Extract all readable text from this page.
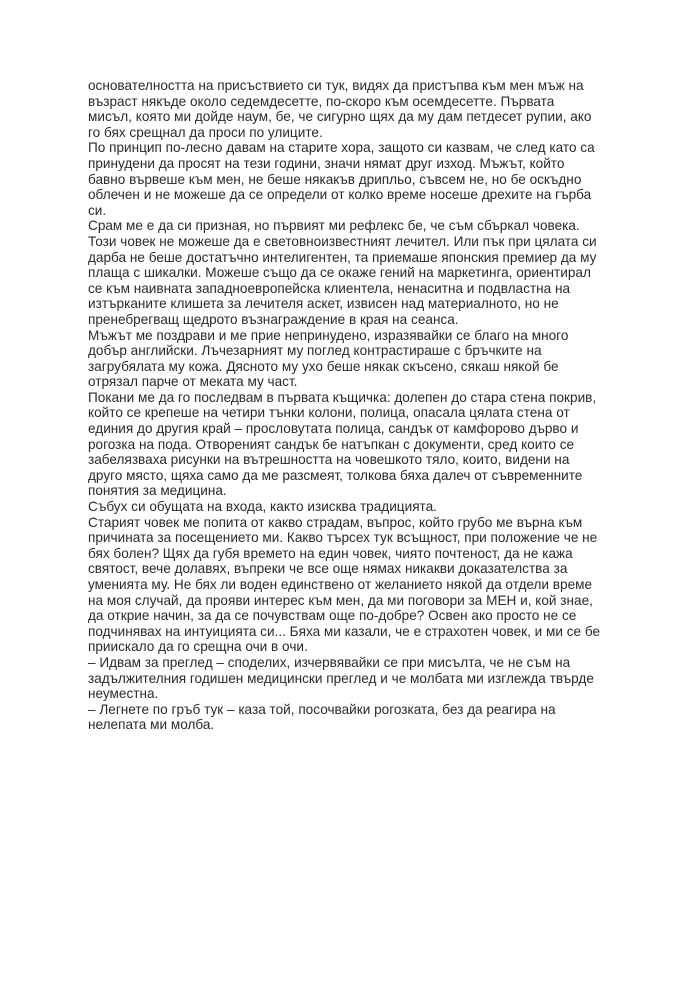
основателността на присъствието си тук, видях да пристъпва към мен мъж на
възраст някъде около седемдесетте, по-скоро към осемдесетте. Първата
мисъл, която ми дойде наум, бе, че сигурно щях да му дам петдесет рупии, ако
го бях срещнал да проси по улиците.
По принцип по-лесно давам на старите хора, защото си казвам, че след като са
принудени да просят на тези години, значи нямат друг изход. Мъжът, който
бавно вървеше към мен, не беше някакъв дрипльо, съвсем не, но бе оскъдно
облечен и не можеше да се определи от колко време носеше дрехите на гърба
си.
Срам ме е да си призная, но първият ми рефлекс бе, че съм сбъркал човека.
Този човек не можеше да е световноизвестният лечител. Или пък при цялата си
дарба не беше достатъчно интелигентен, та приемаше японския премиер да му
плаща с шикалки. Можеше също да се окаже гений на маркетинга, ориентирал
се към наивната западноевропейска клиентела, ненаситна и подвластна на
изтърканите клишета за лечителя аскет, извисен над материалното, но не
пренебрегващ щедрото възнаграждение в края на сеанса.
Мъжът ме поздрави и ме прие непринудено, изразявайки се благо на много
добър английски. Лъчезарният му поглед контрастираше с бръчките на
загрубялата му кожа. Дясното му ухо беше някак скъсено, сякаш някой бе
отрязал парче от меката му част.
Покани ме да го последвам в първата къщичка: долепен до стара стена покрив,
който се крепеше на четири тънки колони, полица, опасала цялата стена от
единия до другия край – прословутата полица, сандък от камфорово дърво и
рогозка на пода. Отвореният сандък бе натъпкан с документи, сред които се
забелязваха рисунки на вътрешността на човешкото тяло, които, видени на
друго място, щяха само да ме разсмеят, толкова бяха далеч от съвременните
понятия за медицина.
Събух си обущата на входа, както изисква традицията.
Старият човек ме попита от какво страдам, въпрос, който грубо ме върна към
причината за посещението ми. Какво търсех тук всъщност, при положение че не
бях болен? Щях да губя времето на един човек, чиято почтеност, да не кажа
святост, вече долавях, въпреки че все още нямах никакви доказателства за
уменията му. Не бях ли воден единствено от желанието някой да отдели време
на моя случай, да прояви интерес към мен, да ми поговори за МЕН и, кой знае,
да открие начин, за да се почувствам още по-добре? Освен ако просто не се
подчинявах на интуицията си... Бяха ми казали, че е страхотен човек, и ми се бе
приискало да го срещна очи в очи.
– Идвам за преглед – споделих, изчервявайки се при мисълта, че не съм на
задължителния годишен медицински преглед и че молбата ми изглежда твърде
неуместна.
– Легнете по гръб тук – каза той, посочвайки рогозката, без да реагира на
нелепата ми молба.
